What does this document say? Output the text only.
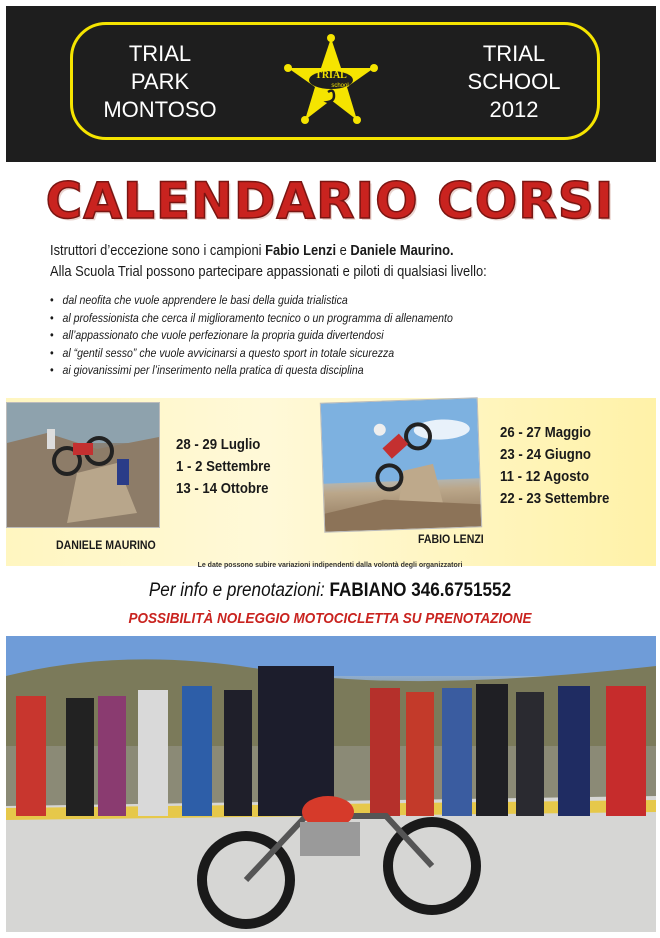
TRIAL
PARK
MONTOSO
TRIAL
school
TRIAL
SCHOOL
2012
CALENDARIO CORSI
Istruttori d’eccezione sono i campioni Fabio Lenzi e Daniele Maurino.
Alla Scuola Trial possono partecipare appassionati e piloti di qualsiasi livello:
• dal neofita che vuole apprendere le basi della guida trialistica
• al professionista che cerca il miglioramento tecnico o un programma di allenamento
• all’appassionato che vuole perfezionare la propria guida divertendosi
• al “gentil sesso” che vuole avvicinarsi a questo sport in totale sicurezza
• ai giovanissimi per l’inserimento nella pratica di questa disciplina
28 - 29 Luglio
1 - 2 Settembre
13 - 14 Ottobre
DANIELE MAURINO
26 - 27 Maggio
23 - 24 Giugno
11 - 12 Agosto
22 - 23 Settembre
FABIO LENZI
Le date possono subire variazioni indipendenti dalla volontà degli organizzatori
Per info e prenotazioni: FABIANO 346.6751552
POSSIBILITÀ NOLEGGIO MOTOCICLETTA SU PRENOTAZIONE
